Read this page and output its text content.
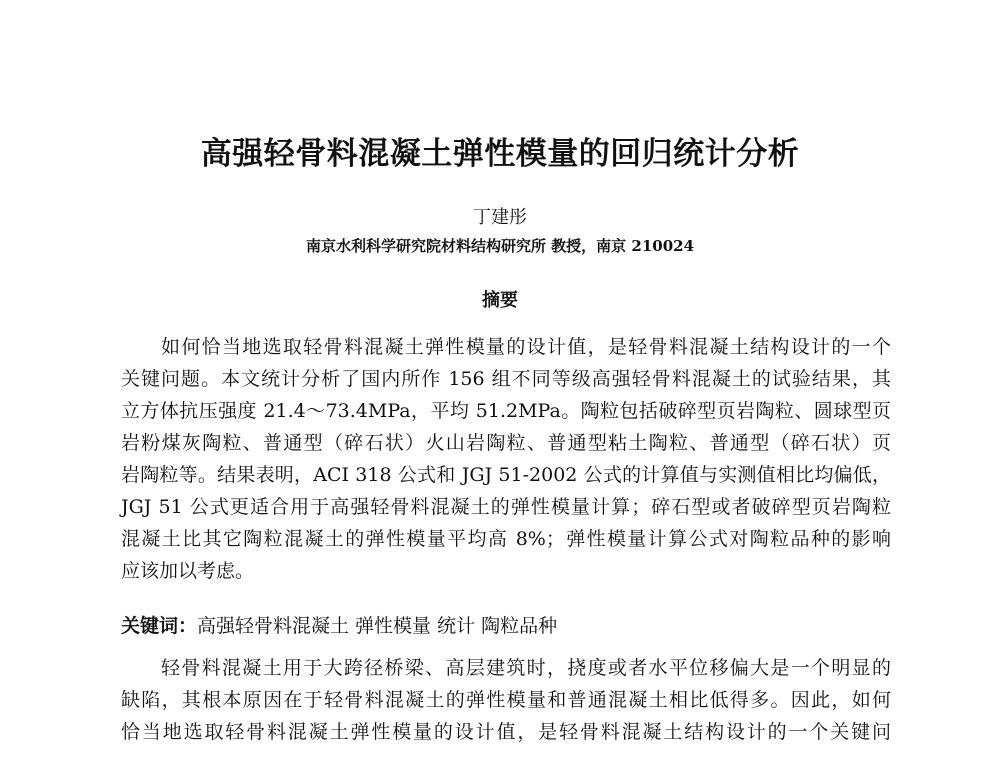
高强轻骨料混凝土弹性模量的回归统计分析
丁建彤
南京水利科学研究院材料结构研究所 教授，南京 210024
摘要
如何恰当地选取轻骨料混凝土弹性模量的设计值，是轻骨料混凝土结构设计的一个
关键问题。本文统计分析了国内所作 156 组不同等级高强轻骨料混凝土的试验结果，其
立方体抗压强度 21.4～73.4MPa，平均 51.2MPa。陶粒包括破碎型页岩陶粒、圆球型页
岩粉煤灰陶粒、普通型（碎石状）火山岩陶粒、普通型粘土陶粒、普通型（碎石状）页
岩陶粒等。结果表明，ACI 318 公式和 JGJ 51-2002 公式的计算值与实测值相比均偏低，
JGJ 51 公式更适合用于高强轻骨料混凝土的弹性模量计算；碎石型或者破碎型页岩陶粒
混凝土比其它陶粒混凝土的弹性模量平均高 8%；弹性模量计算公式对陶粒品种的影响
应该加以考虑。
关键词：高强轻骨料混凝土 弹性模量 统计 陶粒品种
轻骨料混凝土用于大跨径桥梁、高层建筑时，挠度或者水平位移偏大是一个明显的
缺陷，其根本原因在于轻骨料混凝土的弹性模量和普通混凝土相比低得多。因此，如何
恰当地选取轻骨料混凝土弹性模量的设计值，是轻骨料混凝土结构设计的一个关键问
